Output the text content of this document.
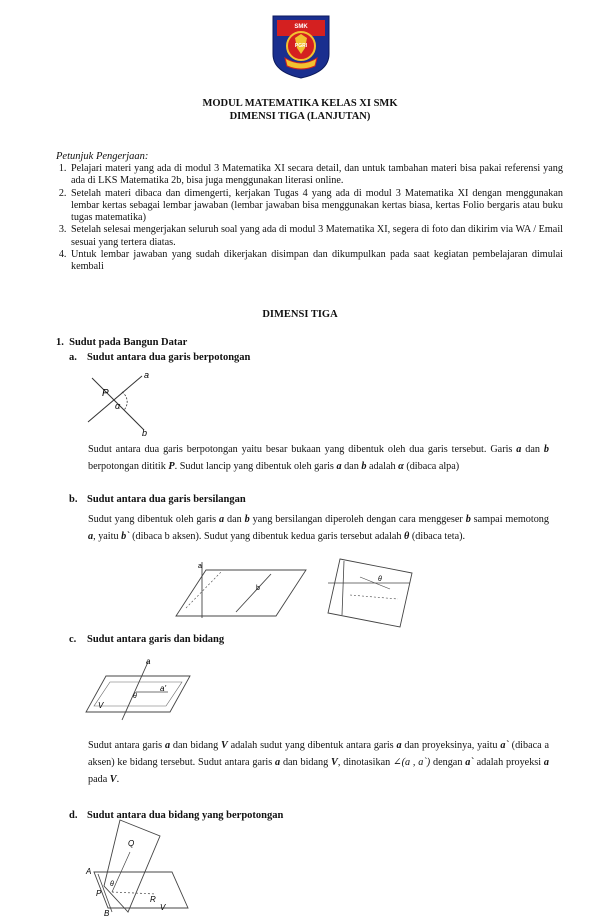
SMK
PGRI
MODUL MATEMATIKA KELAS XI SMK
DIMENSI TIGA (LANJUTAN)
Petunjuk Pengerjaan:
1. Pelajari materi yang ada di modul 3 Matematika XI secara detail, dan untuk tambahan materi bisa pakai referensi yang ada di LKS Matematika 2b, bisa juga menggunakan literasi online.
2. Setelah materi dibaca dan dimengerti, kerjakan Tugas 4 yang ada di modul 3 Matematika XI dengan menggunakan lembar kertas sebagai lembar jawaban (lembar jawaban bisa menggunakan kertas biasa, kertas Folio bergaris atau buku tugas matematika)
3. Setelah selesai mengerjakan seluruh soal yang ada di modul 3 Matematika XI, segera di foto dan dikirim via WA / Email sesuai yang tertera diatas.
4. Untuk lembar jawaban yang sudah dikerjakan disimpan dan dikumpulkan pada saat kegiatan pembelajaran dimulai kembali
DIMENSI TIGA
1. Sudut pada Bangun Datar
a. Sudut antara dua garis berpotongan
a
b
P
α
Sudut antara dua garis berpotongan yaitu besar bukaan yang dibentuk oleh dua garis tersebut. Garis a dan b berpotongan dititik P. Sudut lancip yang dibentuk oleh garis a dan b adalah α (dibaca alpa)
b. Sudut antara dua garis bersilangan
Sudut yang dibentuk oleh garis a dan b yang bersilangan diperoleh dengan cara menggeser b sampai memotong a, yaitu b` (dibaca b aksen). Sudut yang dibentuk kedua garis tersebut adalah θ (dibaca teta).
a
b
θ
c. Sudut antara garis dan bidang
a
a'
θ
V
Sudut antara garis a dan bidang V adalah sudut yang dibentuk antara garis a dan proyeksinya, yaitu a` (dibaca a aksen) ke bidang tersebut. Sudut antara garis a dan bidang V, dinotasikan ∠(a , a`) dengan a` adalah proyeksi a pada V.
d. Sudut antara dua bidang yang berpotongan
Q
A
P
θ
R
V
B
